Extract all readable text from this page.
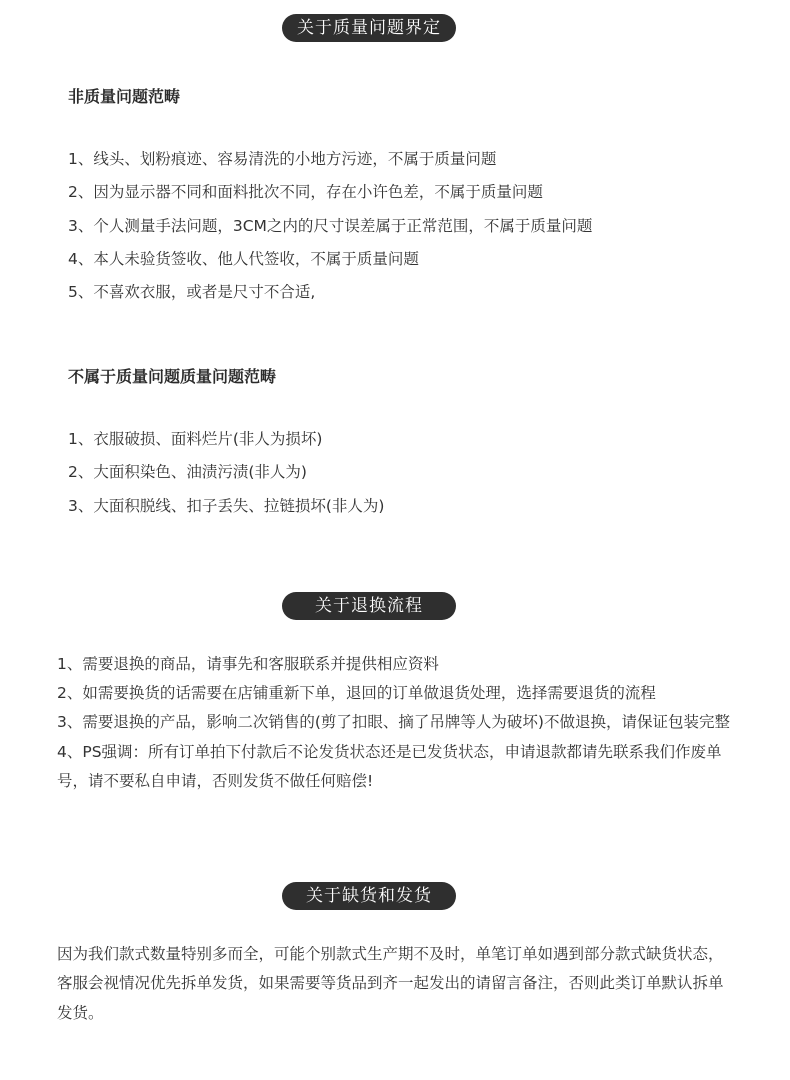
关于质量问题界定
非质量问题范畴
1、线头、划粉痕迹、容易清洗的小地方污迹，不属于质量问题
2、因为显示器不同和面料批次不同，存在小许色差，不属于质量问题
3、个人测量手法问题，3CM之内的尺寸误差属于正常范围，不属于质量问题
4、本人未验货签收、他人代签收，不属于质量问题
5、不喜欢衣服，或者是尺寸不合适,
不属于质量问题质量问题范畴
1、衣服破损、面料烂片(非人为损坏)
2、大面积染色、油渍污渍(非人为)
3、大面积脱线、扣子丢失、拉链损坏(非人为)
关于退换流程

1、需要退换的商品，请事先和客服联系并提供相应资料

2、如需要换货的话需要在店铺重新下单，退回的订单做退货处理，选择需要退货的流程

3、需要退换的产品，影响二次销售的(剪了扣眼、摘了吊牌等人为破坏)不做退换，请保证包装完整

4、PS强调：所有订单拍下付款后不论发货状态还是已发货状态，申请退款都请先联系我们作废单号，请不要私自申请，否则发货不做任何赔偿!

关于缺货和发货

因为我们款式数量特别多而全，可能个别款式生产期不及时，单笔订单如遇到部分款式缺货状态，客服会视情况优先拆单发货，如果需要等货品到齐一起发出的请留言备注，否则此类订单默认拆单发货。
